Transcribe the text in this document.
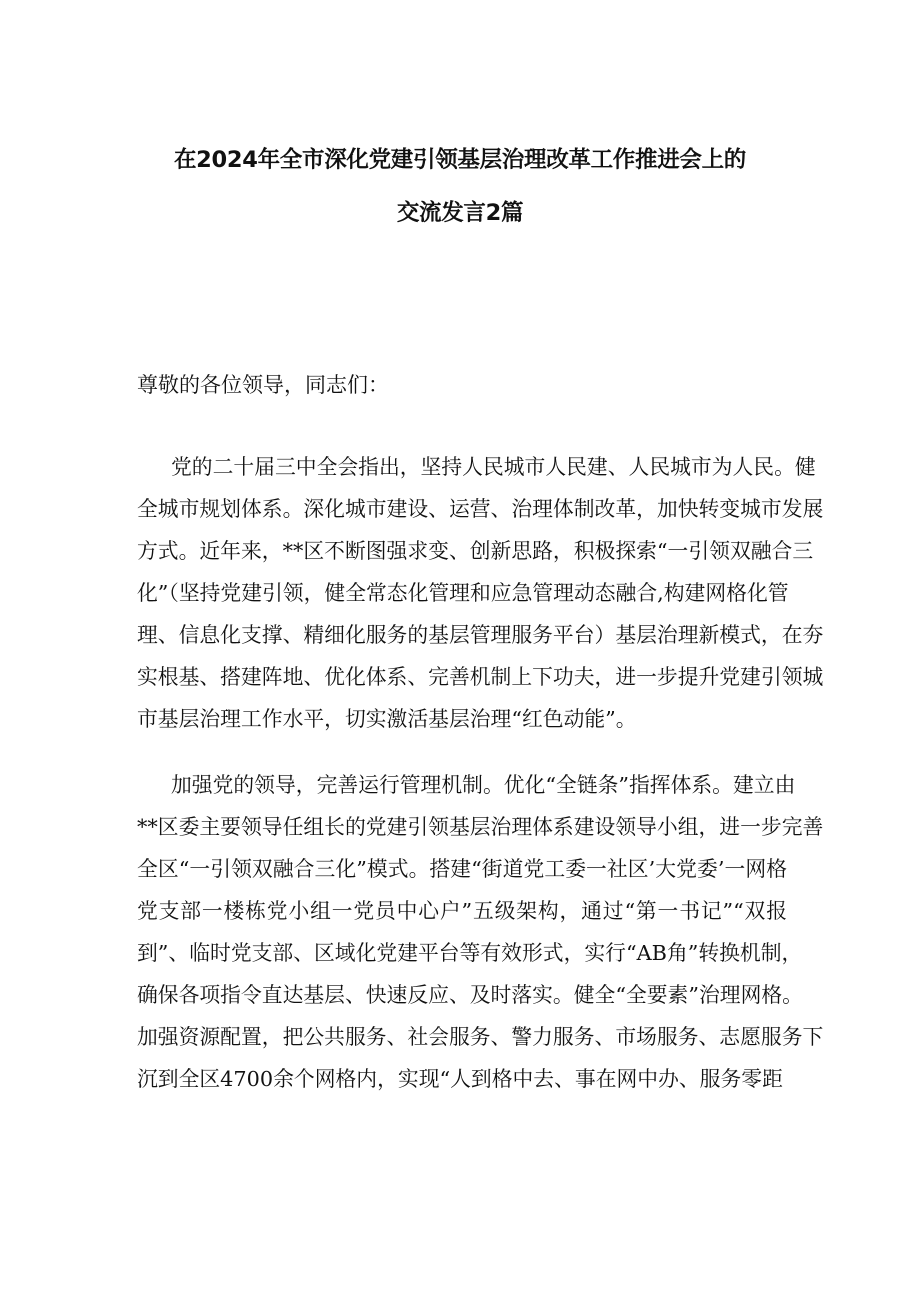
在2024年全市深化党建引领基层治理改革工作推进会上的
交流发言2篇
尊敬的各位领导，同志们：
党的二十届三中全会指出，坚持人民城市人民建、人民城市为人民。健
全城市规划体系。深化城市建设、运营、治理体制改革，加快转变城市发展
方式。近年来，**区不断图强求变、创新思路，积极探索“一引领双融合三
化”（坚持党建引领，健全常态化管理和应急管理动态融合,构建网格化管
理、信息化支撑、精细化服务的基层管理服务平台）基层治理新模式，在夯
实根基、搭建阵地、优化体系、完善机制上下功夫，进一步提升党建引领城
市基层治理工作水平，切实激活基层治理“红色动能”。
加强党的领导，完善运行管理机制。优化“全链条”指挥体系。建立由
**区委主要领导任组长的党建引领基层治理体系建设领导小组，进一步完善
全区“一引领双融合三化”模式。搭建“街道党工委一社区’大党委’一网格
党支部一楼栋党小组一党员中心户”五级架构，通过“第一书记”“双报
到”、临时党支部、区域化党建平台等有效形式，实行“AB角”转换机制，
确保各项指令直达基层、快速反应、及时落实。健全“全要素”治理网格。
加强资源配置，把公共服务、社会服务、警力服务、市场服务、志愿服务下
沉到全区4700余个网格内，实现“人到格中去、事在网中办、服务零距
